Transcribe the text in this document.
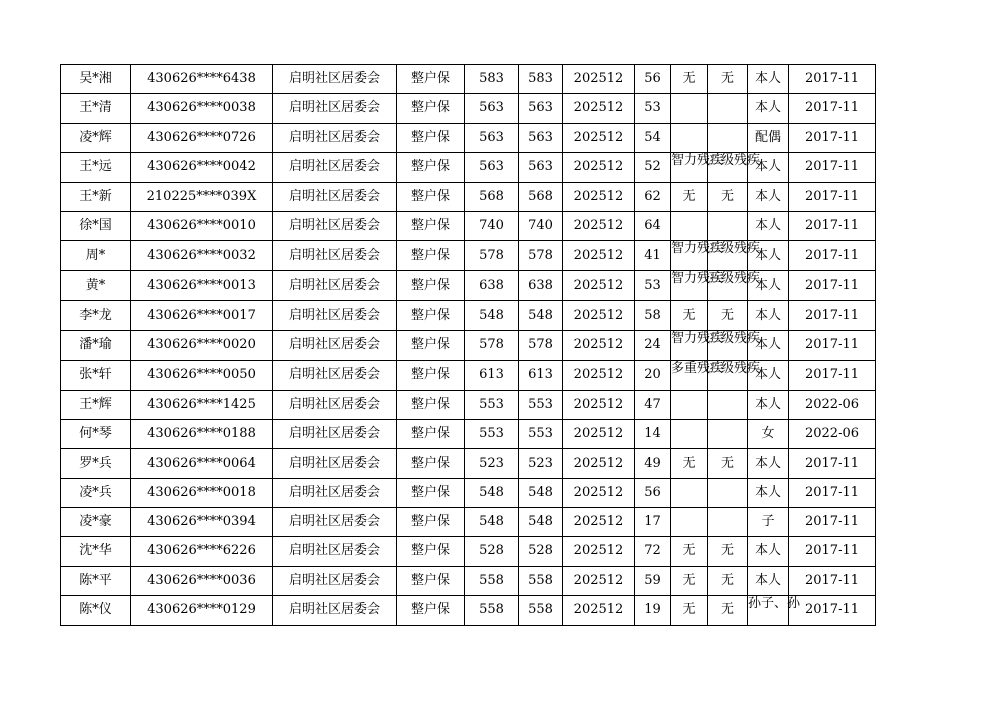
吴*湘	430626****6438	启明社区居委会	整户保	583	583	202512	56	无	无	本人	2017-11
王*清	430626****0038	启明社区居委会	整户保	563	563	202512	53			本人	2017-11
凌*辉	430626****0726	启明社区居委会	整户保	563	563	202512	54			配偶	2017-11
王*远	430626****0042	启明社区居委会	整户保	563	563	202512	52	智力残疾	二级残疾	本人	2017-11
王*新	210225****039X	启明社区居委会	整户保	568	568	202512	62	无	无	本人	2017-11
徐*国	430626****0010	启明社区居委会	整户保	740	740	202512	64			本人	2017-11
周*	430626****0032	启明社区居委会	整户保	578	578	202512	41	智力残疾	二级残疾	本人	2017-11
黄*	430626****0013	启明社区居委会	整户保	638	638	202512	53	智力残疾	三级残疾	本人	2017-11
李*龙	430626****0017	启明社区居委会	整户保	548	548	202512	58	无	无	本人	2017-11
潘*瑜	430626****0020	启明社区居委会	整户保	578	578	202512	24	智力残疾	二级残疾	本人	2017-11
张*轩	430626****0050	启明社区居委会	整户保	613	613	202512	20	多重残疾	二级残疾	本人	2017-11
王*辉	430626****1425	启明社区居委会	整户保	553	553	202512	47			本人	2022-06
何*琴	430626****0188	启明社区居委会	整户保	553	553	202512	14			女	2022-06
罗*兵	430626****0064	启明社区居委会	整户保	523	523	202512	49	无	无	本人	2017-11
凌*兵	430626****0018	启明社区居委会	整户保	548	548	202512	56			本人	2017-11
凌*豪	430626****0394	启明社区居委会	整户保	548	548	202512	17			子	2017-11
沈*华	430626****6226	启明社区居委会	整户保	528	528	202512	72	无	无	本人	2017-11
陈*平	430626****0036	启明社区居委会	整户保	558	558	202512	59	无	无	本人	2017-11
陈*仪	430626****0129	启明社区居委会	整户保	558	558	202512	19	无	无	孙子、孙	2017-11
